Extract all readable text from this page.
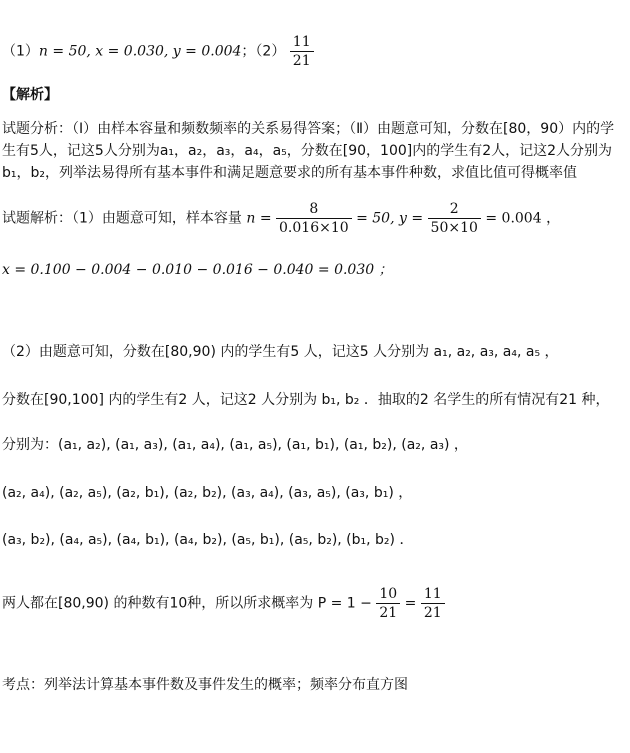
（1）n = 50, x = 0.030, y = 0.004；$(2) \frac{11}{21}$
【解析】
试题分析：（Ⅰ）由样本容量和频数频率的关系易得答案；（Ⅱ）由题意可知，分数在[80，90）内的学生有5人，记这5人分别为a₁，a₂，a₃，a₄，a₅，分数在[90，100]内的学生有2人，记这2人分别为b₁，b₂，列举法易得所有基本事件和满足题意要求的所有基本事件种数，求值比值可得概率值
试题解析：（1）由题意可知，样本容量 $n = \frac{8}{0.016\times 10} = 50$, $y = \frac{2}{50\times 10} = 0.004$ ，
x = 0.100 − 0.004 − 0.010 − 0.016 − 0.040 = 0.030 ；
（2）由题意可知，分数在[80,90) 内的学生有5 人，记这5 人分别为 a₁, a₂, a₃, a₄, a₅ ，
分数在[90,100] 内的学生有2 人，记这2 人分别为 b₁, b₂ ．抽取的2 名学生的所有情况有21 种，
分别为：(a₁, a₂), (a₁, a₃), (a₁, a₄), (a₁, a₅), (a₁, b₁), (a₁, b₂), (a₂, a₃) ，
(a₂, a₄), (a₂, a₅), (a₂, b₁), (a₂, b₂), (a₃, a₄), (a₃, a₅), (a₃, b₁) ，
(a₃, b₂), (a₄, a₅), (a₄, b₁), (a₄, b₂), (a₅, b₁), (a₅, b₂), (b₁, b₂) ．
两人都在[80,90) 的种数有10种，所以所求概率为 $P = 1 - \frac{10}{21} = \frac{11}{21}$
考点：列举法计算基本事件数及事件发生的概率；频率分布直方图
